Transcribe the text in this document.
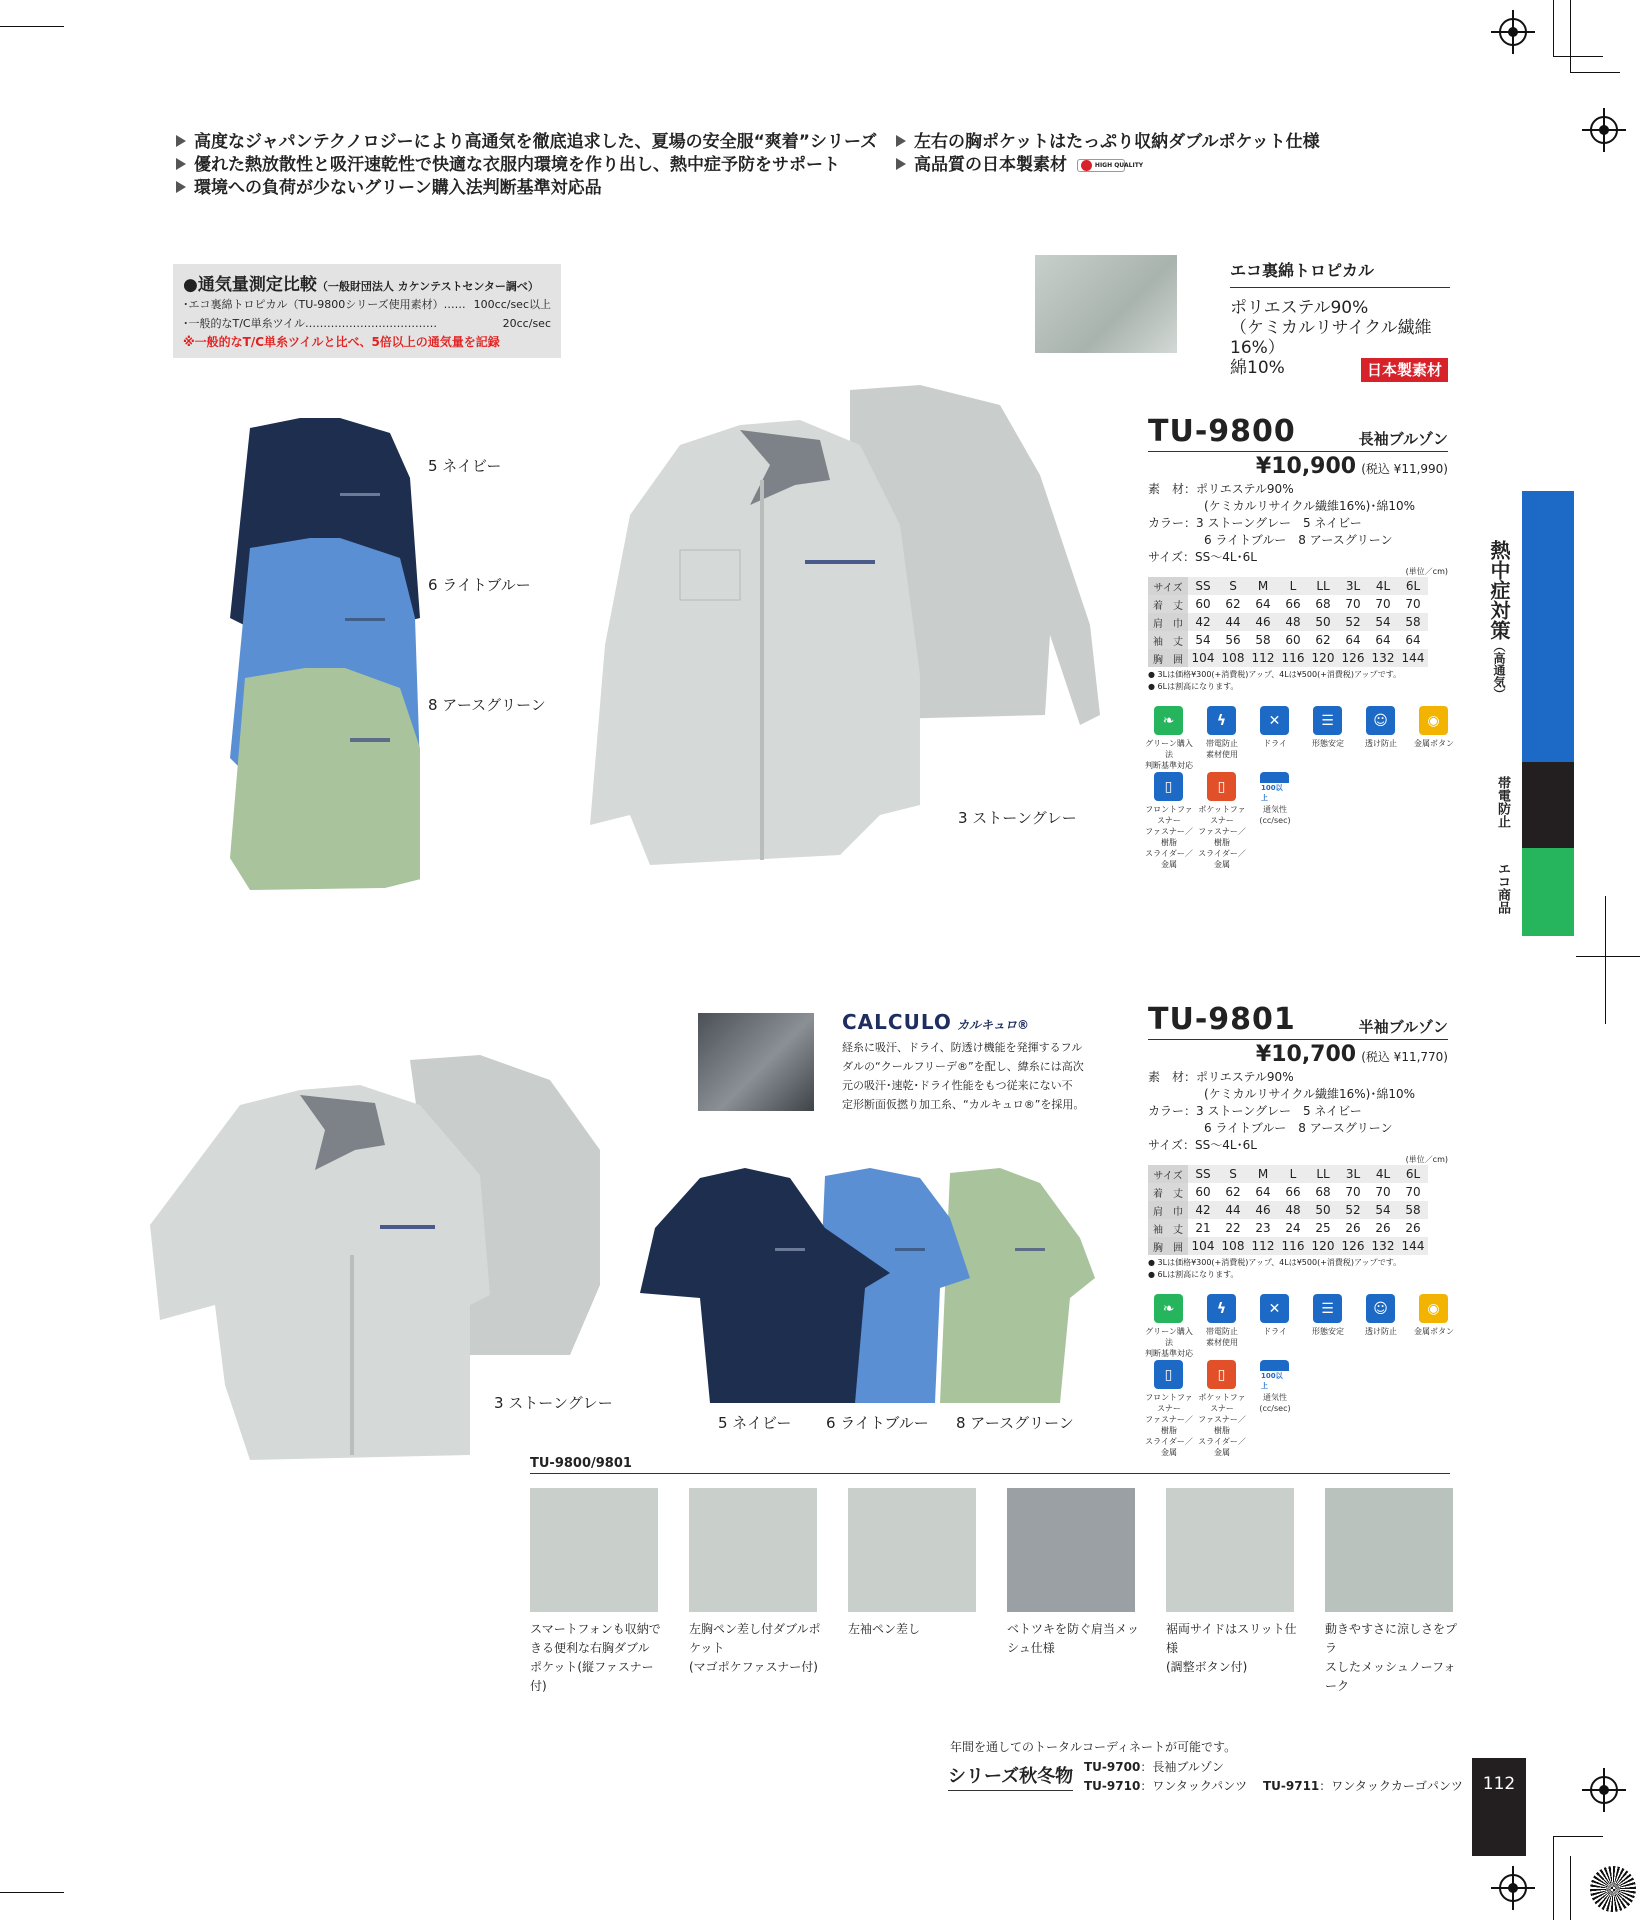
高度なジャパンテクノロジーにより高通気を徹底追求した、夏場の安全服“爽着”シリーズ
優れた熱放散性と吸汗速乾性で快適な衣服内環境を作り出し、熱中症予防をサポート
環境への負荷が少ないグリーン購入法判断基準対応品
左右の胸ポケットはたっぷり収納ダブルポケット仕様
高品質の日本製素材	HIGH QUALITY
●通気量測定比較（一般財団法人 カケンテストセンター調べ）
･エコ裏綿トロピカル（TU-9800シリーズ使用素材）…… 100cc/sec以上
･一般的なT/C単糸ツイル………………………………	20cc/sec
※一般的なT/C単糸ツイルと比べ、5倍以上の通気量を記録
エコ裏綿トロピカル
ポリエステル90%
（ケミカルリサイクル繊維16%）
綿10%	日本製素材
5 ネイビー
6 ライトブルー
8 アースグリーン
3 ストーングレー
TU-9800	長袖ブルゾン
¥10,900 (税込 ¥11,990)
素　材：ポリエステル90%
(ケミカルリサイクル繊維16%)･綿10%
カラー：3 ストーングレー　5 ネイビー
6 ライトブルー　8 アースグリーン
サイズ：SS〜4L･6L
(単位／cm)
サイズ	SS	S	M	L	LL	3L	4L	6L
着　丈	60	62	64	66	68	70	70	70
肩　巾	42	44	46	48	50	52	54	58
袖　丈	54	56	58	60	62	64	64	64
胸　囲	104	108	112	116	120	126	132	144
● 3Lは価格¥300(+消費税)アップ、4Lは¥500(+消費税)アップです。
● 6Lは割高になります。
❧
グリーン購入法
判断基準対応
ϟ
帯電防止
素材使用
✕
ドライ
☰
形態安定
☺
透け防止
◉
金属ボタン
▯
フロントファスナー
ファスナー／樹脂
スライダー／金属
▯
ポケットファスナー
ファスナー／樹脂
スライダー／金属
100以上
通気性
(cc/sec)
熱中症対策（高通気）
帯電防止
エコ商品
CALCULO カルキュロ®
経糸に吸汗、ドライ、防透け機能を発揮するフル
ダルの“クールフリーデ®”を配し、緯糸には高次
元の吸汗･速乾･ドライ性能をもつ従来にない不
定形断面仮撚り加工糸、“カルキュロ®”を採用。
TU-9801	半袖ブルゾン
¥10,700 (税込 ¥11,770)
素　材：ポリエステル90%
(ケミカルリサイクル繊維16%)･綿10%
カラー：3 ストーングレー　5 ネイビー
6 ライトブルー　8 アースグリーン
サイズ：SS〜4L･6L
(単位／cm)
サイズ	SS	S	M	L	LL	3L	4L	6L
着　丈	60	62	64	66	68	70	70	70
肩　巾	42	44	46	48	50	52	54	58
袖　丈	21	22	23	24	25	26	26	26
胸　囲	104	108	112	116	120	126	132	144
● 3Lは価格¥300(+消費税)アップ、4Lは¥500(+消費税)アップです。
● 6Lは割高になります。
❧
グリーン購入法
判断基準対応
ϟ
帯電防止
素材使用
✕
ドライ
☰
形態安定
☺
透け防止
◉
金属ボタン
▯
フロントファスナー
ファスナー／樹脂
スライダー／金属
▯
ポケットファスナー
ファスナー／樹脂
スライダー／金属
100以上
通気性
(cc/sec)
3 ストーングレー
5 ネイビー 6 ライトブルー 8 アースグリーン
TU-9800/9801
スマートフォンも収納で
きる便利な右胸ダブル
ポケット(縦ファスナー付)
左胸ペン差し付ダブルポケット
(マゴポケファスナー付)
左袖ペン差し	ベトツキを防ぐ肩当メッ
シュ仕様
裾両サイドはスリット仕様
(調整ボタン付)
動きやすさに涼しさをプラ
スしたメッシュノーフォーク
年間を通してのトータルコーディネートが可能です。
シリーズ秋冬物 TU-9700：長袖ブルゾン
TU-9710：ワンタックパンツ　 TU-9711：ワンタックカーゴパンツ	112
